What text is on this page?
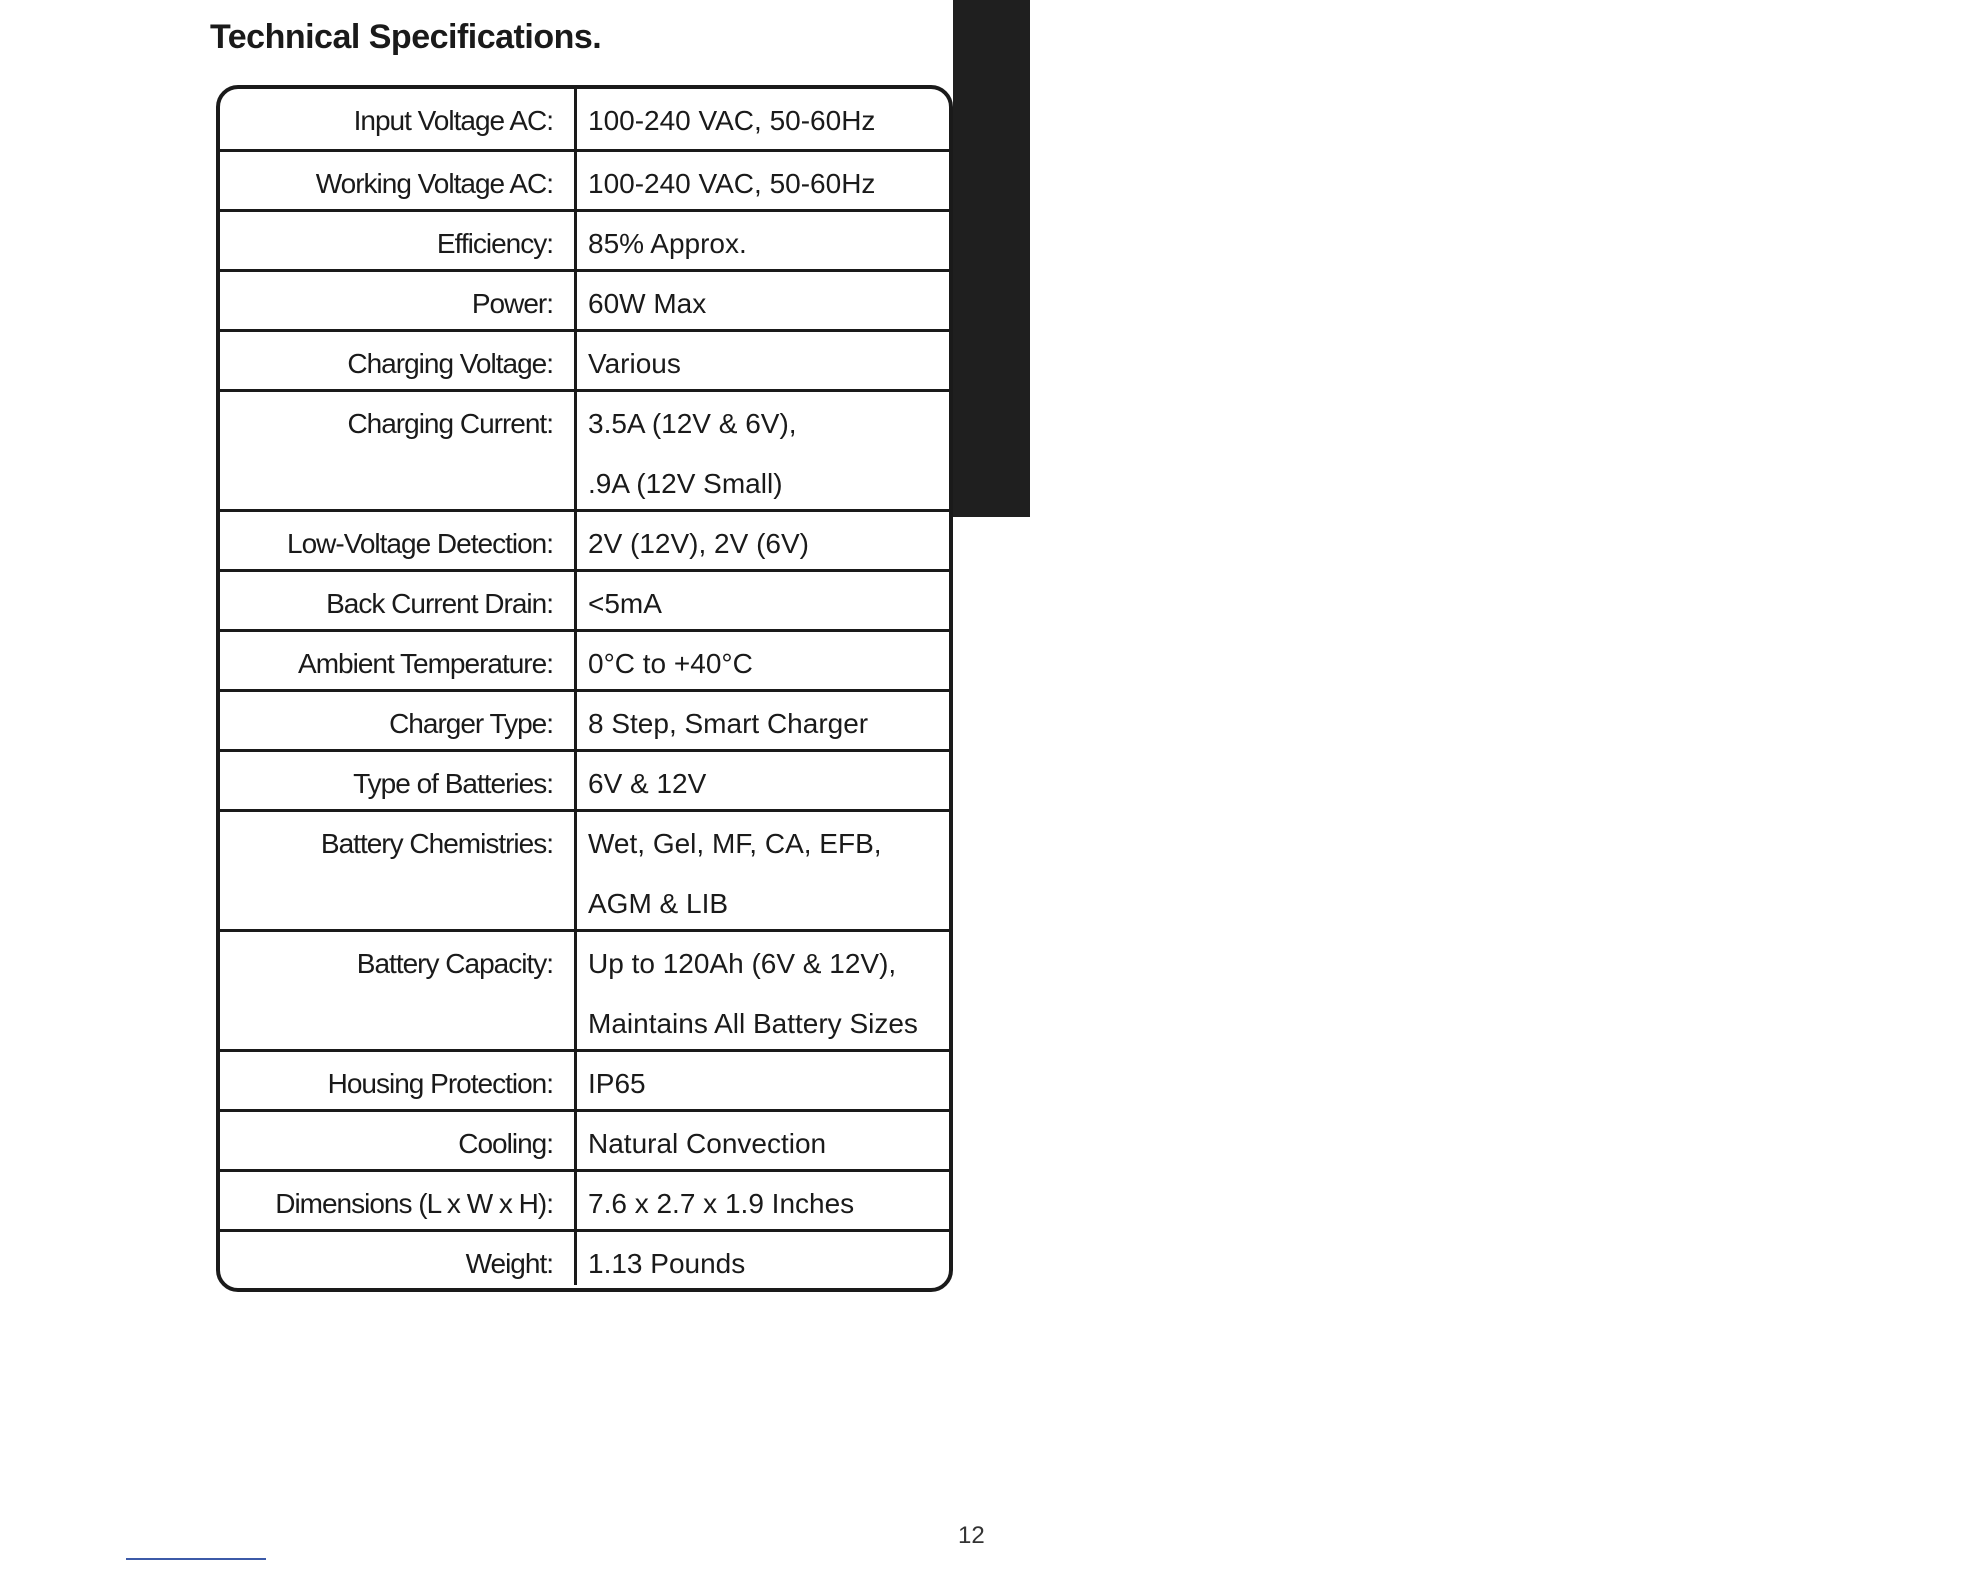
Technical Specifications.
English
Input Voltage AC:	100-240 VAC, 50-60Hz
Working Voltage AC:	100-240 VAC, 50-60Hz
Efficiency:	85% Approx.
Power:	60W Max
Charging Voltage:	Various
Charging Current:	3.5A (12V & 6V),
.9A (12V Small)
Low-Voltage Detection:	2V (12V), 2V (6V)
Back Current Drain:	<5mA
Ambient Temperature:	0°C to +40°C
Charger Type:	8 Step, Smart Charger
Type of Batteries:	6V & 12V
Battery Chemistries:	Wet, Gel, MF, CA, EFB,
AGM & LIB
Battery Capacity:	Up to 120Ah (6V & 12V),
Maintains All Battery Sizes
Housing Protection:	IP65
Cooling:	Natural Convection
Dimensions (L x W x H):	7.6 x 2.7 x 1.9 Inches
Weight:	1.13 Pounds
12
